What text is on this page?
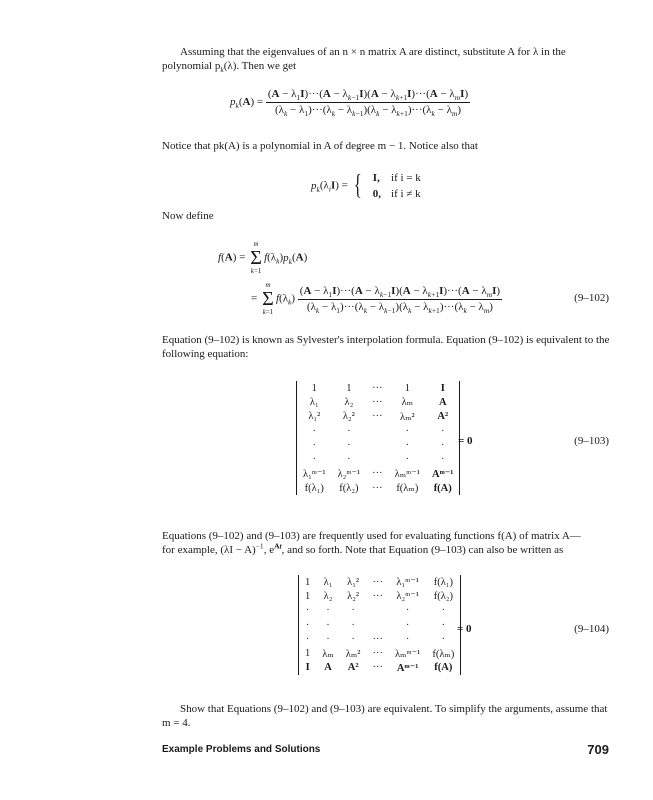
Assuming that the eigenvalues of an n × n matrix A are distinct, substitute A for λ in the
polynomial $p_k(\lambda)$. Then we get
$p_k(A) = \frac{(A - \lambda_1I)\cdot\cdot\cdot(A - \lambda_{k-1}I)(A - \lambda_{k+1}I)\cdot\cdot\cdot(A - \lambda_mI)}{(\lambda_k - \lambda_1)\cdot\cdot\cdot(\lambda_k - \lambda_{k-1})(\lambda_k - \lambda_{k+1})\cdot\cdot\cdot(\lambda_k - \lambda_m)}$
Notice that pk(A) is a polynomial in A of degree m − 1. Notice also that
$p_k(\lambda_iI)$ = { I,	if i = k
0,	if i ≠ k
Now define
f(A) =
m
Σ
k=1
$f(\lambda_k)p_k(A)$
=
m
Σ
k=1
$f(\lambda_k) \frac{(A - \lambda_1I)\cdot\cdot\cdot(A - \lambda_{k-1}I)(A - \lambda_{k+1}I)\cdot\cdot\cdot(A - \lambda_mI)}{(\lambda_k - \lambda_1)\cdot\cdot\cdot(\lambda_k - \lambda_{k-1})(\lambda_k - \lambda_{k+1})\cdot\cdot\cdot(\lambda_k - \lambda_m)}$	(9–102)
Equation (9–102) is known as Sylvester's interpolation formula. Equation (9–102) is equivalent to the following equation:
1	1	···	1	I
λ₁	λ₂	···	λₘ	A
λ₁²	λ₂²	···	λₘ²	A²
·	·		·	·
·	·		·	·
·	·		·	·
λ₁ᵐ⁻¹	λ₂ᵐ⁻¹	···	λₘᵐ⁻¹	Aᵐ⁻¹
f(λ₁)	f(λ₂)	···	f(λₘ)	f(A)
= 0	(9–103)
Equations (9–102) and (9–103) are frequently used for evaluating functions f(A) of matrix A—
for example, $(\lambda I - A)^{-1}$, $e^{At}$, and so forth. Note that Equation (9–103) can also be written as
1	λ₁	λ₁²	···	λ₁ᵐ⁻¹	f(λ₁)
1	λ₂	λ₂²	···	λ₂ᵐ⁻¹	f(λ₂)
·	·	·		·	·
·	·	·		·	·
·	·	·	···	·	·
1	λₘ	λₘ²	···	λₘᵐ⁻¹	f(λₘ)
I	A	A²	···	Aᵐ⁻¹	f(A)
= 0	(9–104)
Show that Equations (9–102) and (9–103) are equivalent. To simplify the arguments, assume that m = 4.
Example Problems and Solutions	709
